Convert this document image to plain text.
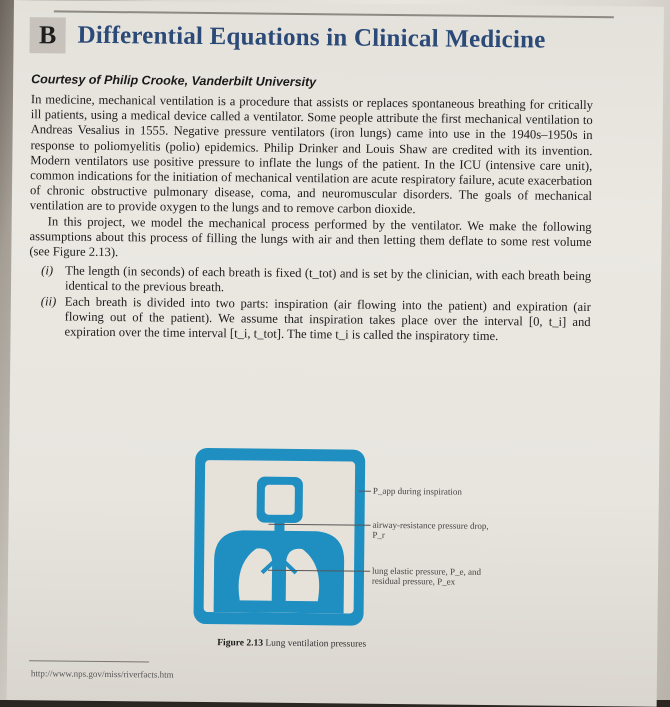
B Differential Equations in Clinical Medicine
Courtesy of Philip Crooke, Vanderbilt University

In medicine, mechanical ventilation is a procedure that assists or replaces spontaneous breathing for critically ill patients, using a medical device called a ventilator. Some people attribute the first mechanical ventilation to Andreas Vesalius in 1555. Negative pressure ventilators (iron lungs) came into use in the 1940s–1950s in response to poliomyelitis (polio) epidemics. Philip Drinker and Louis Shaw are credited with its invention. Modern ventilators use positive pressure to inflate the lungs of the patient. In the ICU (intensive care unit), common indications for the initiation of mechanical ventilation are acute respiratory failure, acute exacerbation of chronic obstructive pulmonary disease, coma, and neuromuscular disorders. The goals of mechanical ventilation are to provide oxygen to the lungs and to remove carbon dioxide.

In this project, we model the mechanical process performed by the ventilator. We make the following assumptions about this process of filling the lungs with air and then letting them deflate to some rest volume (see Figure 2.13).

(i) The length (in seconds) of each breath is fixed (t_tot) and is set by the clinician, with each breath being identical to the previous breath.
(ii) Each breath is divided into two parts: inspiration (air flowing into the patient) and expiration (air flowing out of the patient). We assume that inspiration takes place over the interval [0, t_i] and expiration over the time interval [t_i, t_tot]. The time t_i is called the inspiratory time.
P_app during inspiration
airway-resistance pressure drop, P_r
lung elastic pressure, P_e, and residual pressure, P_ex
Figure 2.13 Lung ventilation pressures
http://www.nps.gov/miss/riverfacts.htm
